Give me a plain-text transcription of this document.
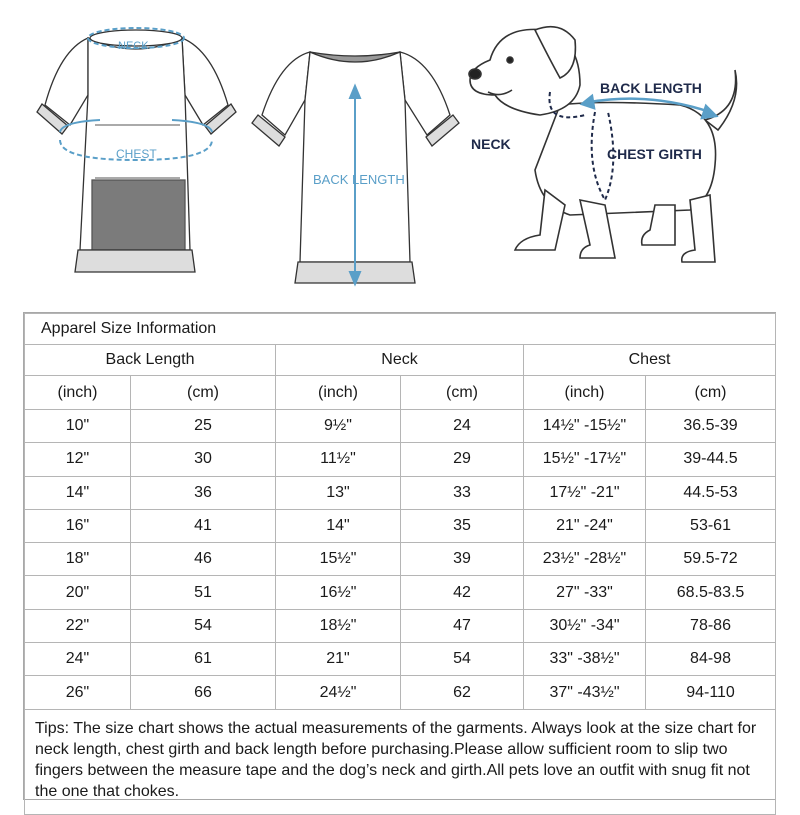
NECK
CHEST
BACK LENGTH
BACK LENGTH
NECK
CHEST GIRTH
Apparel Size Information					
Back Length		Neck		Chest	
(inch)	(cm)	(inch)	(cm)	(inch)	(cm)
10"	25	9½"	24	14½" -15½"	36.5-39
12"	30	11½"	29	15½" -17½"	39-44.5
14"	36	13"	33	17½" -21"	44.5-53
16"	41	14"	35	21" -24"	53-61
18"	46	15½"	39	23½" -28½"	59.5-72
20"	51	16½"	42	27" -33"	68.5-83.5
22"	54	18½"	47	30½" -34"	78-86
24"	61	21"	54	33" -38½"	84-98
26"	66	24½"	62	37" -43½"	94-110
Tips: The size chart shows the actual measurements of the garments. Always look at the size chart for neck length, chest girth and back length before purchasing.Please allow sufficient room to slip two fingers between the measure tape and the dog’s neck and girth.All pets love an outfit with snug fit not the one that chokes.					
